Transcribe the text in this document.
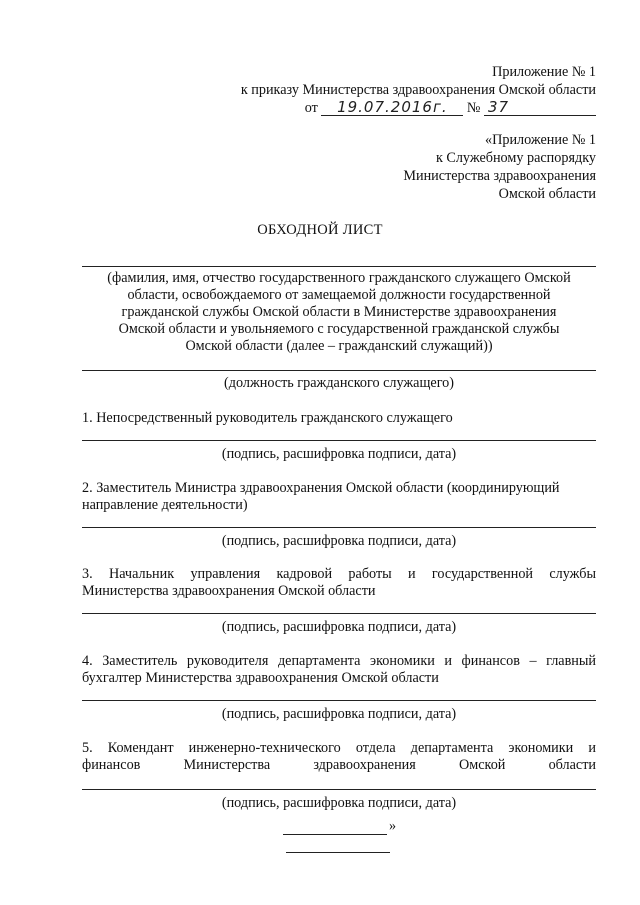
Приложение № 1
к приказу Министерства здравоохранения Омской области
от 19.07.2016г. № 37
«Приложение № 1
к Служебному распорядку
Министерства здравоохранения
Омской области
ОБХОДНОЙ ЛИСТ
(фамилия, имя, отчество государственного гражданского служащего Омской
области, освобождаемого от замещаемой должности государственной
гражданской службы Омской области в Министерстве здравоохранения
Омской области и увольняемого с государственной гражданской службы
Омской области (далее – гражданский служащий))
(должность гражданского служащего)
1. Непосредственный руководитель гражданского служащего
(подпись, расшифровка подписи, дата)
2. Заместитель Министра здравоохранения Омской области (координирующий
направление деятельности)
(подпись, расшифровка подписи, дата)
3. Начальник управления кадровой работы и государственной службы
Министерства здравоохранения Омской области
(подпись, расшифровка подписи, дата)
4. Заместитель руководителя департамента экономики и финансов – главный
бухгалтер Министерства здравоохранения Омской области
(подпись, расшифровка подписи, дата)
5. Комендант инженерно-технического отдела департамента экономики и
финансов Министерства здравоохранения Омской области
(подпись, расшифровка подписи, дата)
»
